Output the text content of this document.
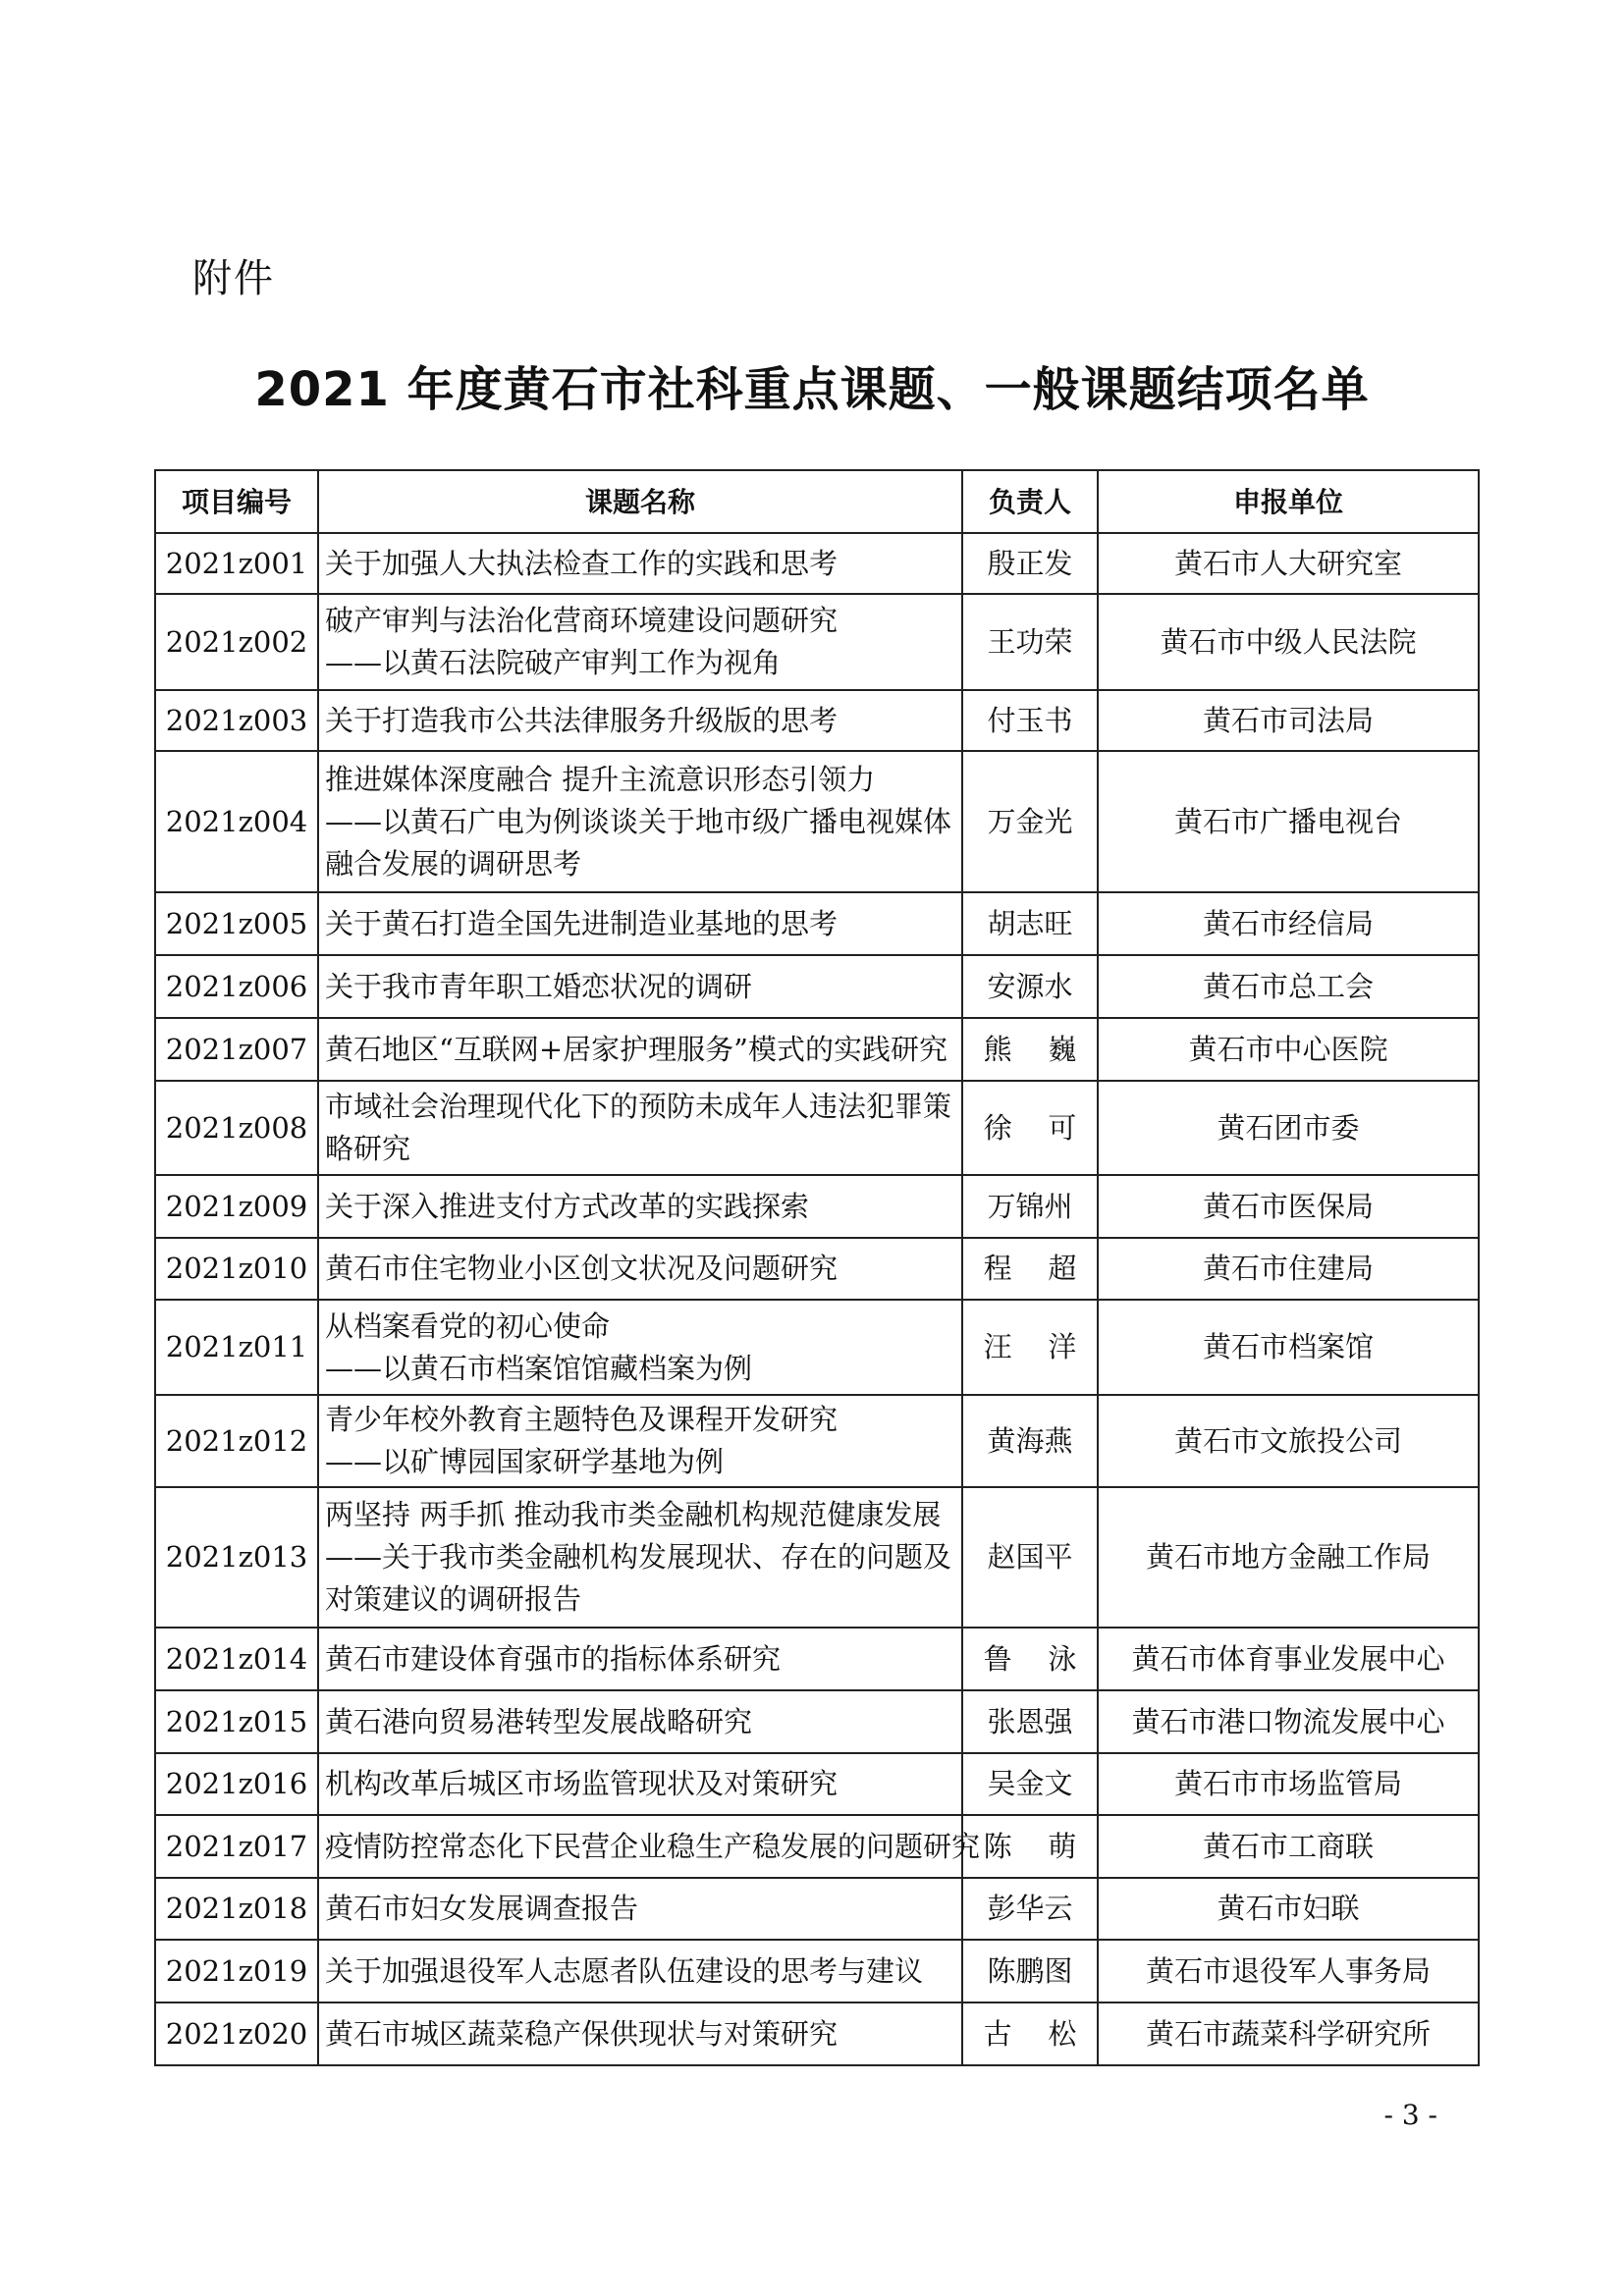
附件
2021 年度黄石市社科重点课题、一般课题结项名单
项目编号	课题名称	负责人	申报单位
2021z001	关于加强人大执法检查工作的实践和思考	殷正发	黄石市人大研究室
2021z002	破产审判与法治化营商环境建设问题研究
——以黄石法院破产审判工作为视角	王功荣	黄石市中级人民法院
2021z003	关于打造我市公共法律服务升级版的思考	付玉书	黄石市司法局
2021z004	推进媒体深度融合 提升主流意识形态引领力
——以黄石广电为例谈谈关于地市级广播电视媒体
融合发展的调研思考	万金光	黄石市广播电视台
2021z005	关于黄石打造全国先进制造业基地的思考	胡志旺	黄石市经信局
2021z006	关于我市青年职工婚恋状况的调研	安源水	黄石市总工会
2021z007	黄石地区“互联网+居家护理服务”模式的实践研究	熊    巍	黄石市中心医院
2021z008	市域社会治理现代化下的预防未成年人违法犯罪策
略研究	徐    可	黄石团市委
2021z009	关于深入推进支付方式改革的实践探索	万锦州	黄石市医保局
2021z010	黄石市住宅物业小区创文状况及问题研究	程    超	黄石市住建局
2021z011	从档案看党的初心使命
——以黄石市档案馆馆藏档案为例	汪    洋	黄石市档案馆
2021z012	青少年校外教育主题特色及课程开发研究
——以矿博园国家研学基地为例	黄海燕	黄石市文旅投公司
2021z013	两坚持 两手抓 推动我市类金融机构规范健康发展
——关于我市类金融机构发展现状、存在的问题及
对策建议的调研报告	赵国平	黄石市地方金融工作局
2021z014	黄石市建设体育强市的指标体系研究	鲁    泳	黄石市体育事业发展中心
2021z015	黄石港向贸易港转型发展战略研究	张恩强	黄石市港口物流发展中心
2021z016	机构改革后城区市场监管现状及对策研究	吴金文	黄石市市场监管局
2021z017	疫情防控常态化下民营企业稳生产稳发展的问题研究	陈    萌	黄石市工商联
2021z018	黄石市妇女发展调查报告	彭华云	黄石市妇联
2021z019	关于加强退役军人志愿者队伍建设的思考与建议	陈鹏图	黄石市退役军人事务局
2021z020	黄石市城区蔬菜稳产保供现状与对策研究	古    松	黄石市蔬菜科学研究所
- 3 -
